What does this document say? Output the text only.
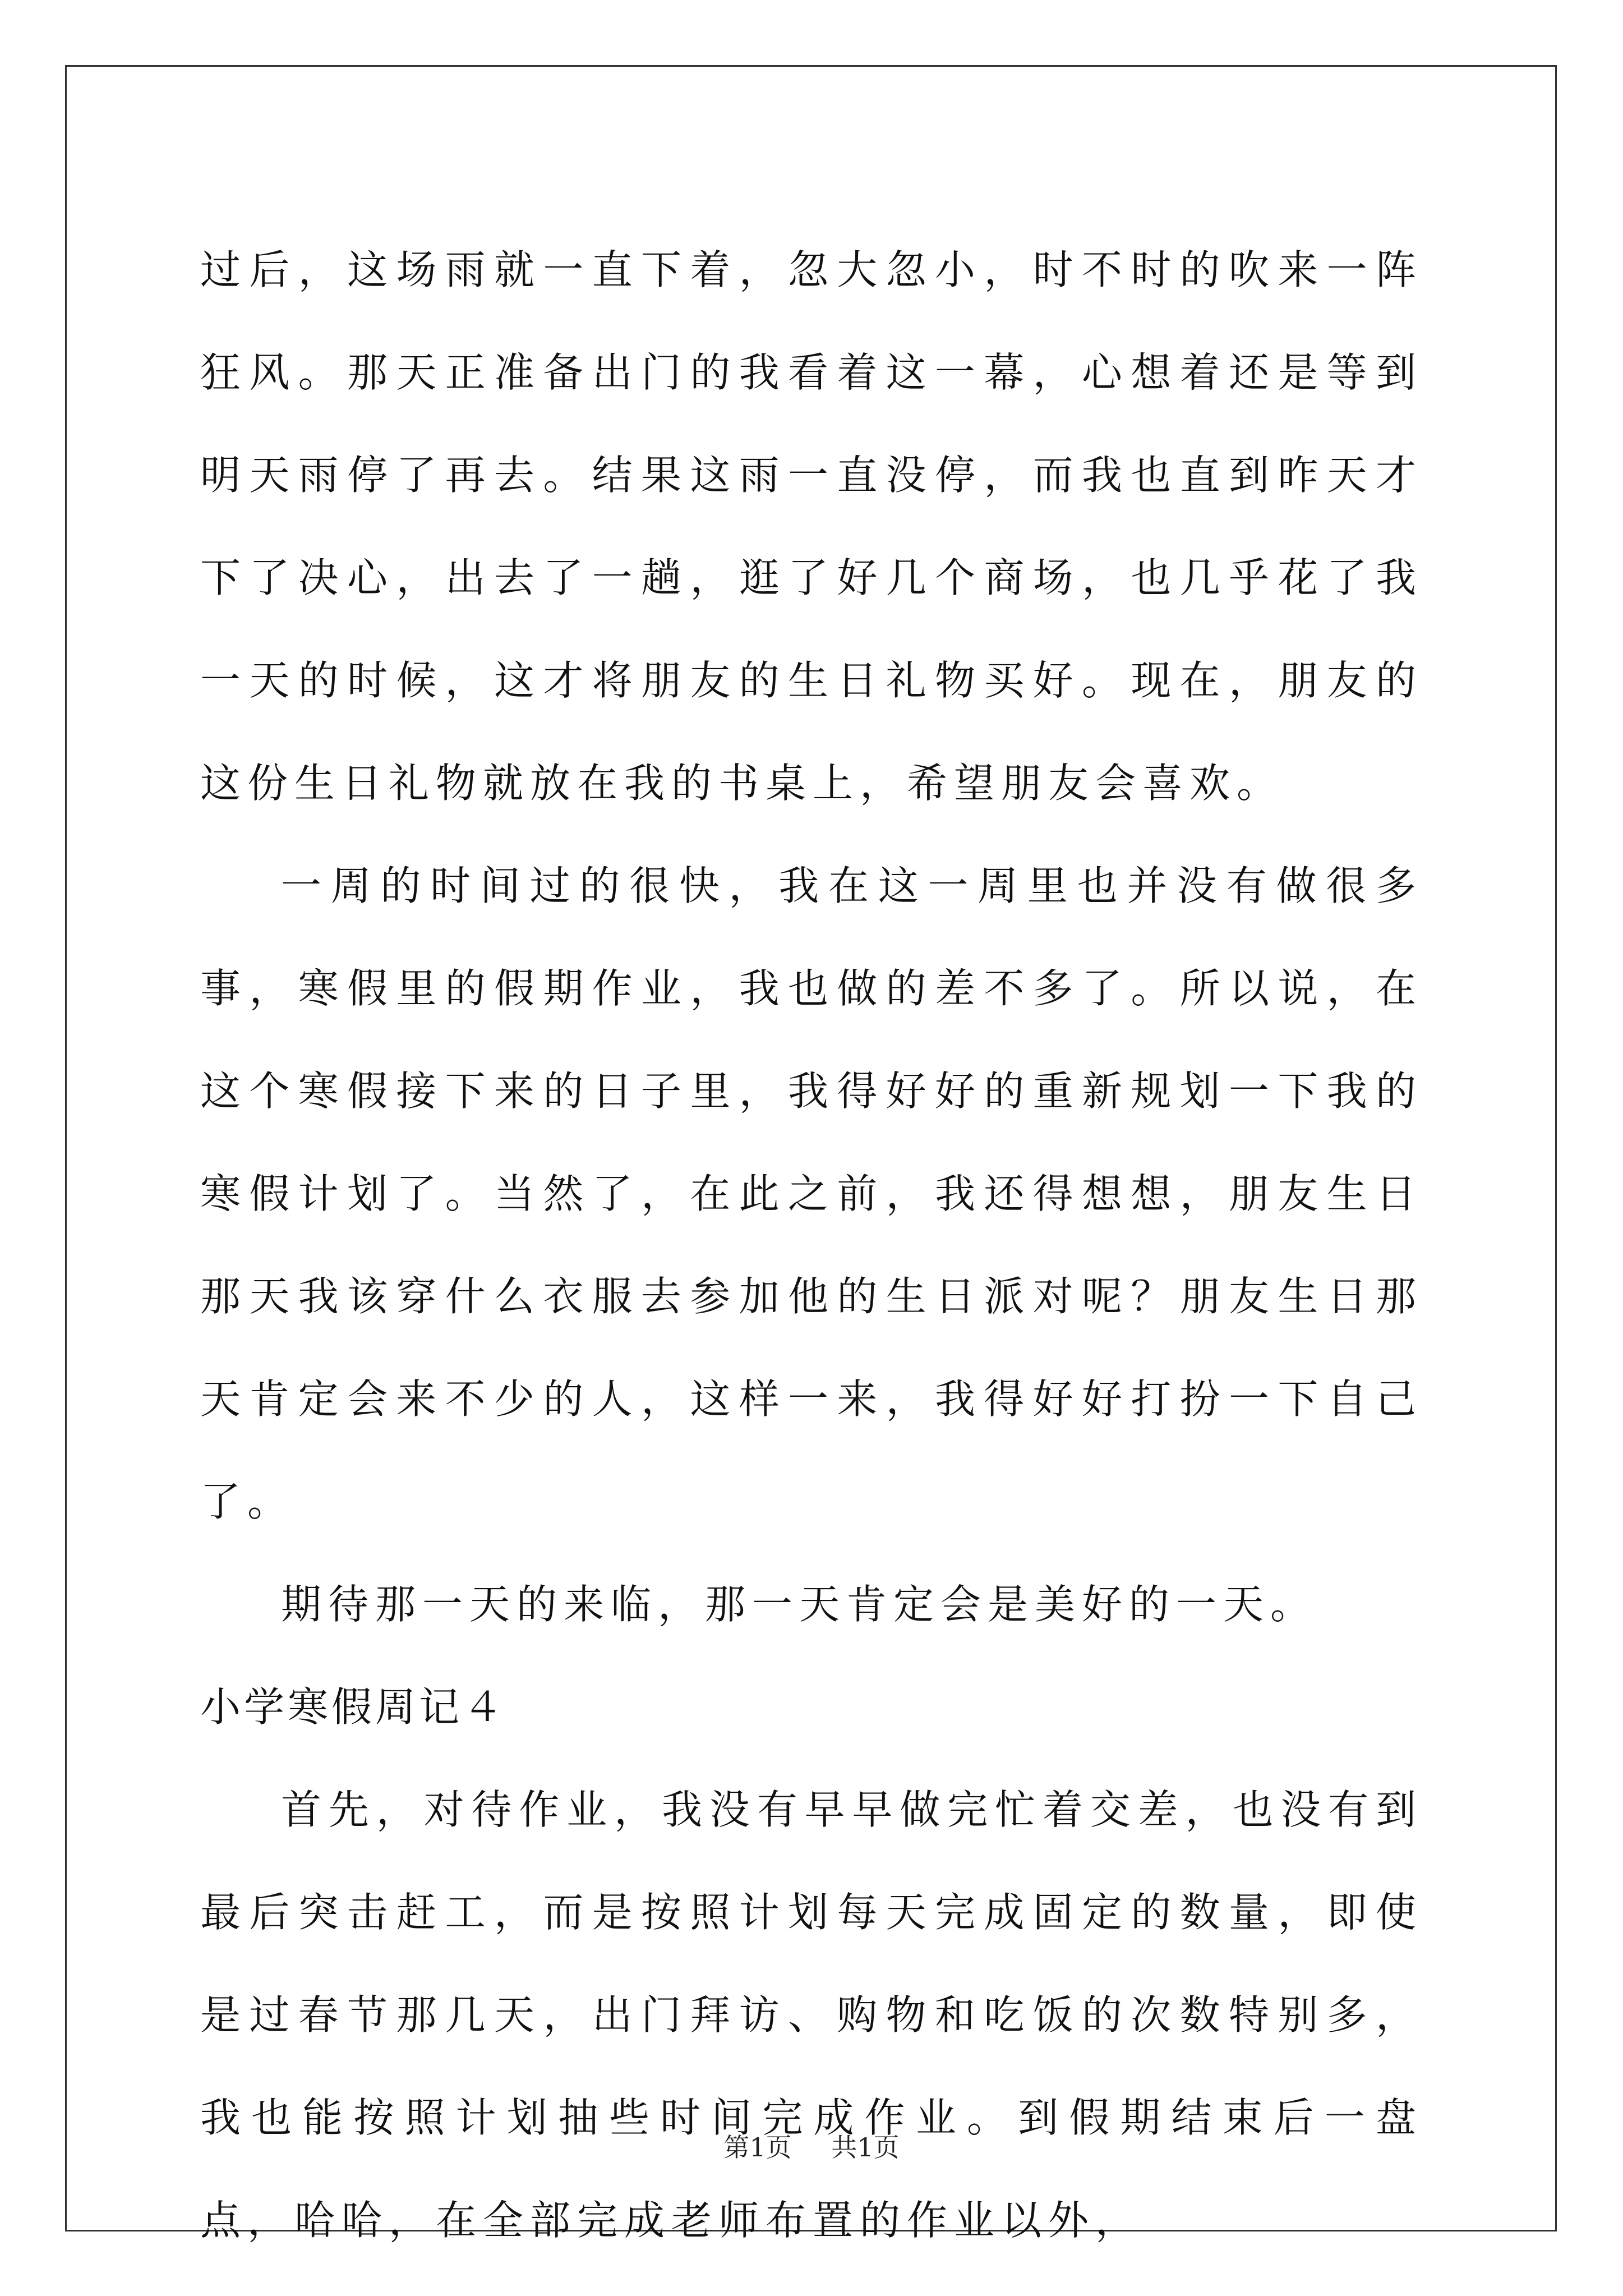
过后，这场雨就一直下着，忽大忽小，时不时的吹来一阵狂风。那天正准备出门的我看着这一幕，心想着还是等到明天雨停了再去。结果这雨一直没停，而我也直到昨天才下了决心，出去了一趟，逛了好几个商场，也几乎花了我一天的时候，这才将朋友的生日礼物买好。现在，朋友的这份生日礼物就放在我的书桌上，希望朋友会喜欢。

一周的时间过的很快，我在这一周里也并没有做很多事，寒假里的假期作业，我也做的差不多了。所以说，在这个寒假接下来的日子里，我得好好的重新规划一下我的寒假计划了。当然了，在此之前，我还得想想，朋友生日那天我该穿什么衣服去参加他的生日派对呢？朋友生日那天肯定会来不少的人，这样一来，我得好好打扮一下自己了。

期待那一天的来临，那一天肯定会是美好的一天。

小学寒假周记４

首先，对待作业，我没有早早做完忙着交差，也没有到最后突击赶工，而是按照计划每天完成固定的数量，即使是过春节那几天，出门拜访、购物和吃饭的次数特别多，我也能按照计划抽些时间完成作业。到假期结束后一盘点，哈哈，在全部完成老师布置的作业以外，

第1页 共1页
